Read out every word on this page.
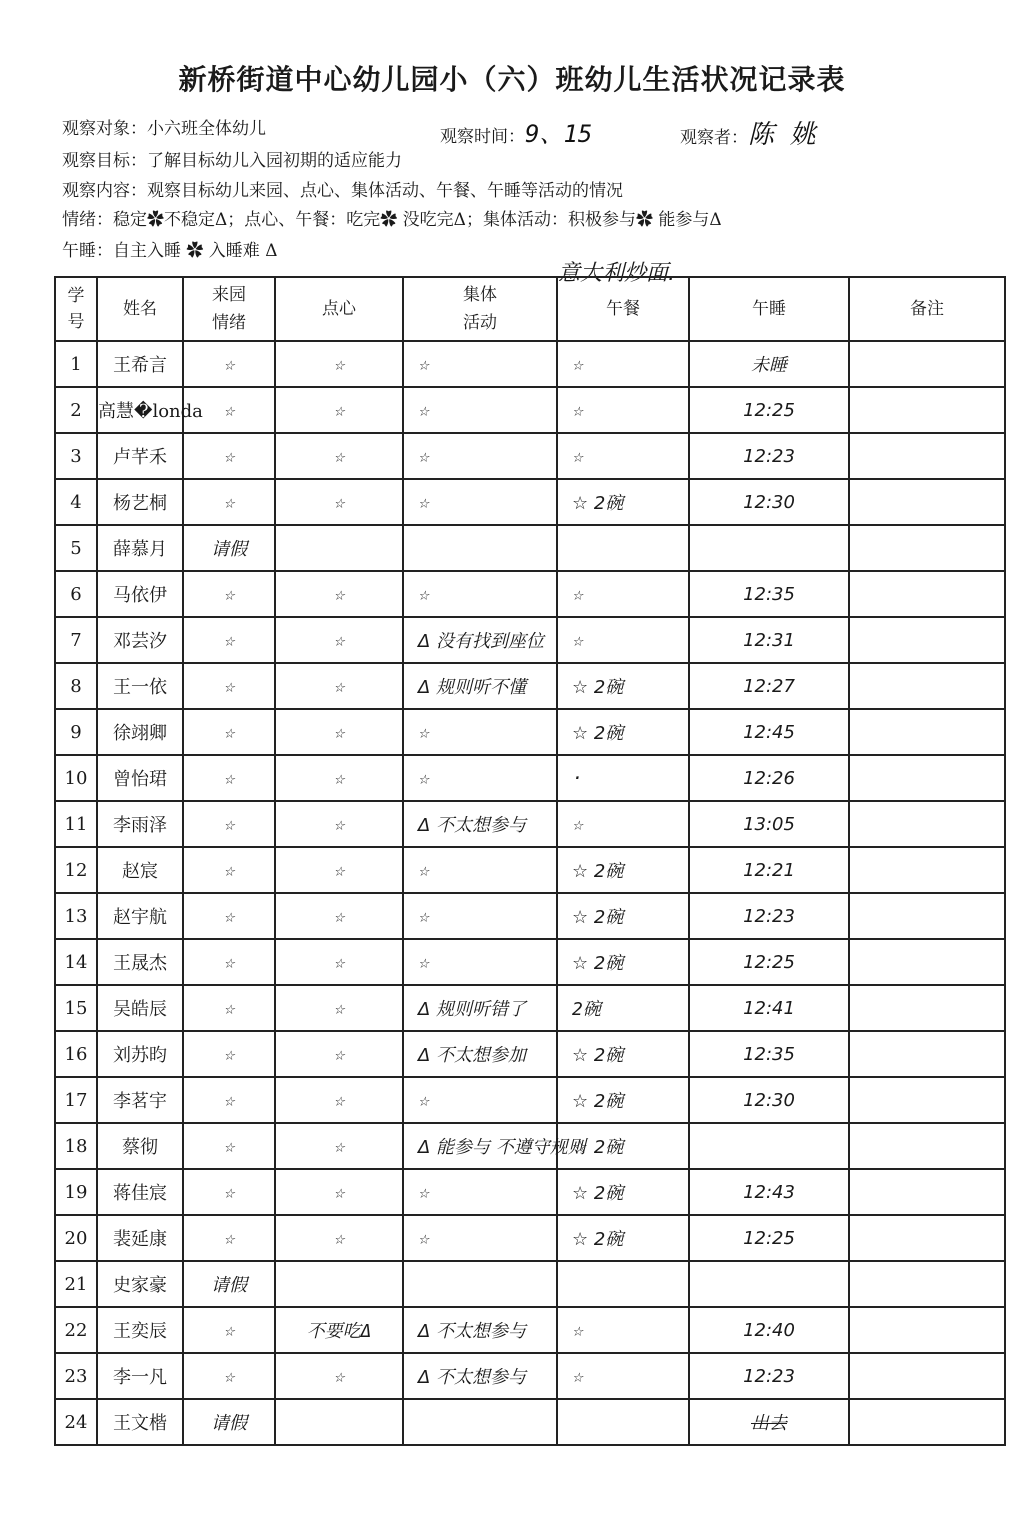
新桥街道中心幼儿园小（六）班幼儿生活状况记录表
观察对象：小六班全体幼儿	观察时间：9、15	观察者：陈 姚
观察目标：了解目标幼儿入园初期的适应能力
观察内容：观察目标幼儿来园、点心、集体活动、午餐、午睡等活动的情况
情绪：稳定✿不稳定Δ；点心、午餐：吃完✿ 没吃完Δ；集体活动：积极参与✿ 能参与Δ
午睡：自主入睡 ✿ 入睡难 Δ
意大利炒面.
学号	姓名	来园情绪	点心	集体活动	午餐	午睡	备注
1	王希言	☆	☆	☆	☆	未睡	
2	高慧�londa	☆	☆	☆	☆	12:25	
3	卢芊禾	☆	☆	☆	☆	12:23	
4	杨艺桐	☆	☆	☆	☆ 2碗	12:30	
5	薛慕月	请假					
6	马依伊	☆	☆	☆	☆	12:35	
7	邓芸汐	☆	☆	Δ 没有找到座位	☆	12:31	
8	王一依	☆	☆	Δ 规则听不懂	☆ 2碗	12:27	
9	徐翊卿	☆	☆	☆	☆ 2碗	12:45	
10	曾怡珺	☆	☆	☆	·	12:26	
11	李雨泽	☆	☆	Δ 不太想参与	☆	13:05	
12	赵宸	☆	☆	☆	☆ 2碗	12:21	
13	赵宇航	☆	☆	☆	☆ 2碗	12:23	
14	王晟杰	☆	☆	☆	☆ 2碗	12:25	
15	吴皓辰	☆	☆	Δ 规则听错了	2碗	12:41	
16	刘苏昀	☆	☆	Δ 不太想参加	☆ 2碗	12:35	
17	李茗宇	☆	☆	☆	☆ 2碗	12:30	
18	蔡彻	☆	☆	Δ 能参与 不遵守规则	☆ 2碗		
19	蒋佳宸	☆	☆	☆	☆ 2碗	12:43	
20	裴延康	☆	☆	☆	☆ 2碗	12:25	
21	史家豪	请假					
22	王奕辰	☆	不要吃Δ	Δ 不太想参与	☆	12:40	
23	李一凡	☆	☆	Δ 不太想参与	☆	12:23	
24	王文楷	请假				出去	
